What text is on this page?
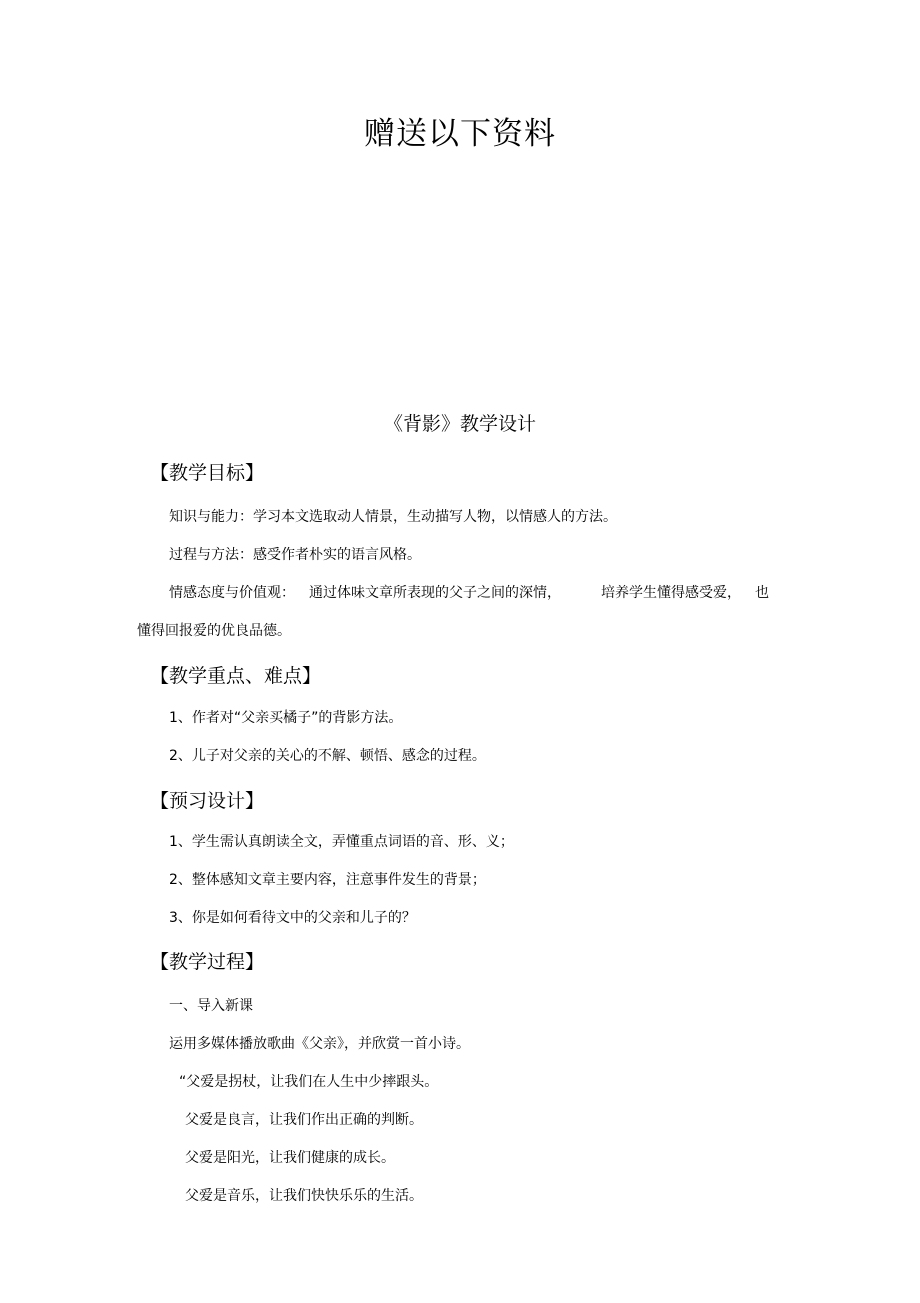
赠送以下资料
《背影》教学设计
【教学目标】
知识与能力：学习本文选取动人情景，生动描写人物，以情感人的方法。
过程与方法：感受作者朴实的语言风格。
情感态度与价值观： 通过体味文章所表现的父子之间的深情，	培养学生懂得感受爱， 也
懂得回报爱的优良品德。
【教学重点、难点】
1、作者对“父亲买橘子”的背影方法。
2、儿子对父亲的关心的不解、顿悟、感念的过程。
【预习设计】
1、学生需认真朗读全文，弄懂重点词语的音、形、义；
2、整体感知文章主要内容，注意事件发生的背景；
3、你是如何看待文中的父亲和儿子的？
【教学过程】
一、导入新课
运用多媒体播放歌曲《父亲》，并欣赏一首小诗。
“父爱是拐杖，让我们在人生中少摔跟头。
父爱是良言，让我们作出正确的判断。
父爱是阳光，让我们健康的成长。
父爱是音乐，让我们快快乐乐的生活。
